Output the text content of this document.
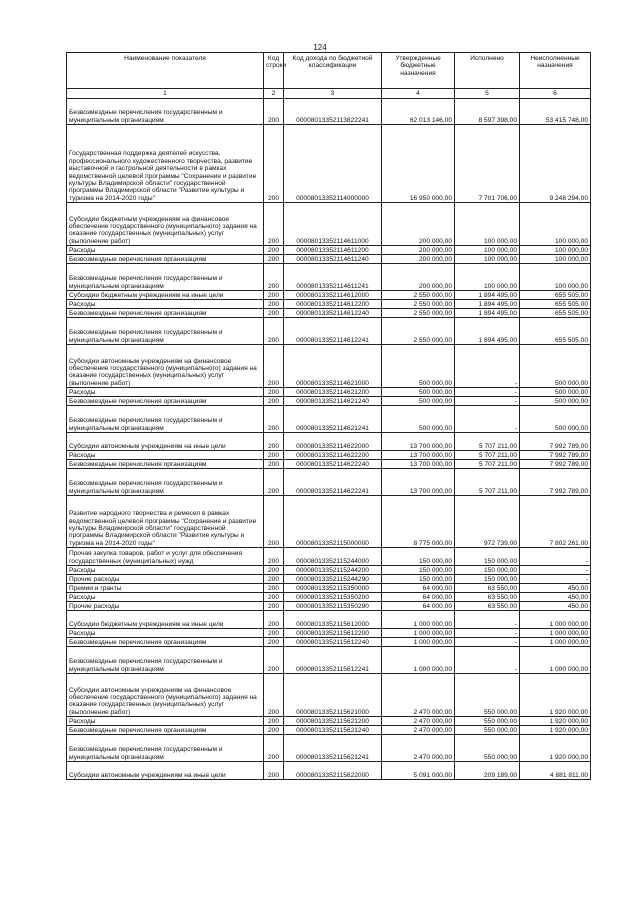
124
Наименование показателя	Код строки	Код дохода по бюджетной классификации	Утвержденные бюджетные назначения	Исполнено	Неисполненные назначения
1	2	3	4	5	6
Безвозмездные перечисления государственным и муниципальным организациям	200	00008013352113822241	62 013 146,00	8 597 398,00	53 415 748,00
Государственная поддержка деятелей искусства, профессионального художественного творчества, развитие выставочной и гастрольной деятельности в рамках ведомственной целевой программы "Сохранение и развитие культуры Владимирской области" государственной программы Владимирской области "Развитие культуры и туризма на 2014-2020 годы"	200	00008013352114000000	16 950 000,00	7 701 706,00	9 248 294,00
Субсидии бюджетным учреждениям на финансовое обеспечение государственного (муниципального) задания на оказание государственных (муниципальных) услуг (выполнение работ)	200	00008013352114611000	200 000,00	100 000,00	100 000,00
Расходы	200	00008013352114611200	200 000,00	100 000,00	100 000,00
Безвозмездные перечисления организациям	200	00008013352114611240	200 000,00	100 000,00	100 000,00
Безвозмездные перечисления государственным и муниципальным организациям	200	00008013352114611241	200 000,00	100 000,00	100 000,00
Субсидии бюджетным учреждениям на иные цели	200	00008013352114612000	2 550 000,00	1 894 495,00	655 505,00
Расходы	200	00008013352114612200	2 550 000,00	1 894 495,00	655 505,00
Безвозмездные перечисления организациям	200	00008013352114612240	2 550 000,00	1 894 495,00	655 505,00
Безвозмездные перечисления государственным и муниципальным организациям	200	00008013352114612241	2 550 000,00	1 894 495,00	655 505,00
Субсидии автономным учреждениям на финансовое обеспечение государственного (муниципального) задания на оказание государственных (муниципальных) услуг (выполнение работ)	200	00008013352114621000	500 000,00	-	500 000,00
Расходы	200	00008013352114621200	500 000,00	-	500 000,00
Безвозмездные перечисления организациям	200	00008013352114621240	500 000,00	-	500 000,00
Безвозмездные перечисления государственным и муниципальным организациям	200	00008013352114621241	500 000,00	-	500 000,00
Субсидии автономным учреждениям на иные цели	200	00008013352114622000	13 700 000,00	5 707 211,00	7 992 789,00
Расходы	200	00008013352114622200	13 700 000,00	5 707 211,00	7 992 789,00
Безвозмездные перечисления организациям	200	00008013352114622240	13 700 000,00	5 707 211,00	7 992 789,00
Безвозмездные перечисления государственным и муниципальным организациям	200	00008013352114622241	13 700 000,00	5 707 211,00	7 992 789,00
Развитие народного творчества и ремесел в рамках ведомственной целевой программы "Сохранение и развитие культуры Владимирской области" государственной программы Владимирской области "Развитие культуры и туризма на 2014-2020 годы"	200	00008013352115000000	8 775 000,00	972 739,00	7 802 261,00
Прочая закупка товаров, работ и услуг для обеспечения государственных (муниципальных) нужд	200	00008013352115244000	150 000,00	150 000,00	-
Расходы	200	00008013352115244200	150 000,00	150 000,00	-
Прочие расходы	200	00008013352115244290	150 000,00	150 000,00	-
Премии и гранты	200	00008013352115350000	64 000,00	63 550,00	450,00
Расходы	200	00008013352115350200	64 000,00	63 550,00	450,00
Прочие расходы	200	00008013352115350290	64 000,00	63 550,00	450,00
Субсидии бюджетным учреждениям на иные цели	200	00008013352115612000	1 000 000,00	-	1 000 000,00
Расходы	200	00008013352115612200	1 000 000,00	-	1 000 000,00
Безвозмездные перечисления организациям	200	00008013352115612240	1 000 000,00	-	1 000 000,00
Безвозмездные перечисления государственным и муниципальным организациям	200	00008013352115612241	1 000 000,00	-	1 000 000,00
Субсидии автономным учреждениям на финансовое обеспечение государственного (муниципального) задания на оказание государственных (муниципальных) услуг (выполнение работ)	200	00008013352115621000	2 470 000,00	550 000,00	1 920 000,00
Расходы	200	00008013352115621200	2 470 000,00	550 000,00	1 920 000,00
Безвозмездные перечисления организациям	200	00008013352115621240	2 470 000,00	550 000,00	1 920 000,00
Безвозмездные перечисления государственным и муниципальным организациям	200	00008013352115621241	2 470 000,00	550 000,00	1 920 000,00
Субсидии автономным учреждениям на иные цели	200	00008013352115622000	5 091 000,00	209 189,00	4 881 811,00
